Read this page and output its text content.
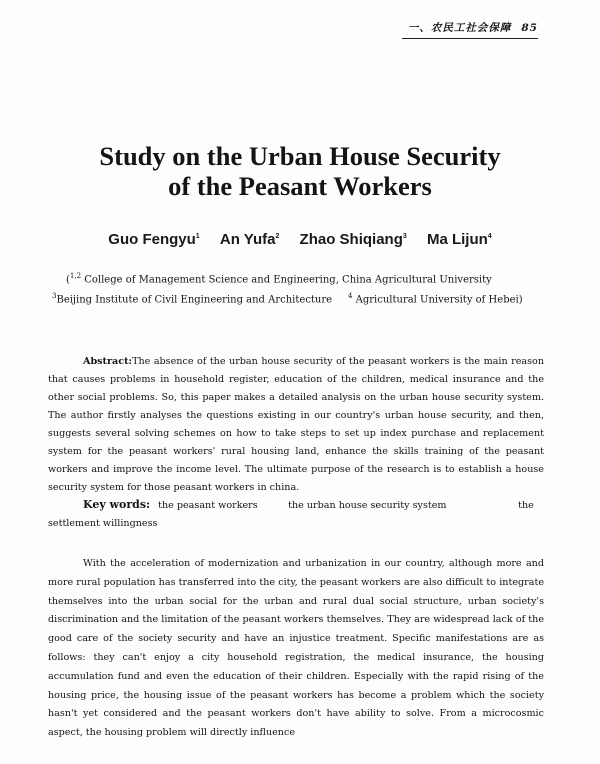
一、农民工社会保障 85
Study on the Urban House Security
of the Peasant Workers
Guo Fengyu$^1$ An Yufa$^2$ Zhao Shiqiang$^3$ Ma Lijun$^4$
($^{1,2}$ College of Management Science and Engineering, China Agricultural University
$^3$Beijing Institute of Civil Engineering and Architecture $^4$ Agricultural University of Hebei)
Abstract:The absence of the urban house security of the peasant workers is the main reason that causes problems in household register, education of the children, medical insurance and the other social problems. So, this paper makes a detailed analysis on the urban house security system. The author firstly analyses the questions existing in our country's urban house security, and then, suggests several solving schemes on how to take steps to set up index purchase and replacement system for the peasant workers' rural housing land, enhance the skills training of the peasant workers and improve the income level. The ultimate purpose of the research is to establish a house security system for those peasant workers in china.
Key words: the peasant workers	the urban house security system	the settlement willingness
With the acceleration of modernization and urbanization in our country, although more and more rural population has transferred into the city, the peasant workers are also difficult to integrate themselves into the urban social for the urban and rural dual social structure, urban society's discrimination and the limitation of the peasant workers themselves. They are widespread lack of the good care of the society security and have an injustice treatment. Specific manifestations are as follows: they can't enjoy a city household registration, the medical insurance, the housing accumulation fund and even the education of their children. Especially with the rapid rising of the housing price, the housing issue of the peasant workers has become a problem which the society hasn't yet considered and the peasant workers don't have ability to solve. From a microcosmic aspect, the housing problem will directly influence
